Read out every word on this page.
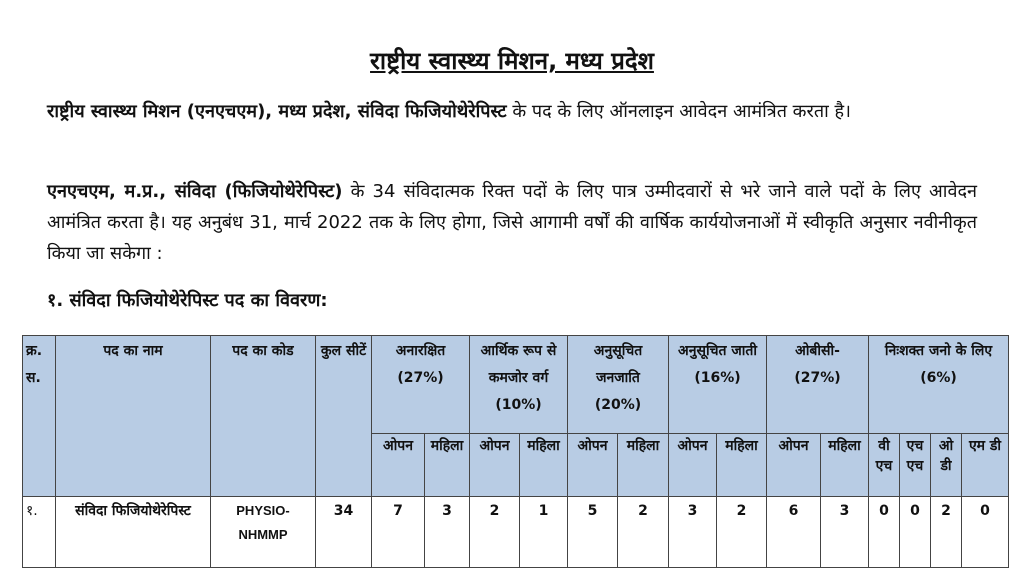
राष्ट्रीय स्वास्थ्य मिशन, मध्य प्रदेश
राष्ट्रीय स्वास्थ्य मिशन (एनएचएम), मध्य प्रदेश, संविदा फिजियोथेरेपिस्ट के पद के लिए ऑनलाइन आवेदन आमंत्रित करता है।
एनएचएम, म.प्र., संविदा (फिजियोथेरेपिस्ट) के 34 संविदात्मक रिक्त पदों के लिए पात्र उम्मीदवारों से भरे जाने वाले पदों के लिए आवेदन आमंत्रित करता है। यह अनुबंध 31, मार्च 2022 तक के लिए होगा, जिसे आगामी वर्षों की वार्षिक कार्ययोजनाओं में स्वीकृति अनुसार नवीनीकृत किया जा सकेगा :
१. संविदा फिजियोथेरेपिस्ट पद का विवरण:
क्र. स.	पद का नाम	पद का कोड	कुल सीटें	अनारक्षित (27%)		आर्थिक रूप से कमजोर वर्ग (10%)		अनुसूचित जनजाति (20%)		अनुसूचित जाती (16%)		ओबीसी- (27%)		निःशक्त जनो के लिए (6%)			
				ओपन	महिला	ओपन	महिला	ओपन	महिला	ओपन	महिला	ओपन	महिला	वी एच	एच एच	ओ डी	एम डी
१.	संविदा फिजियोथेरेपिस्ट	PHYSIO-NHMMP	34	7	3	2	1	5	2	3	2	6	3	0	0	2	0
